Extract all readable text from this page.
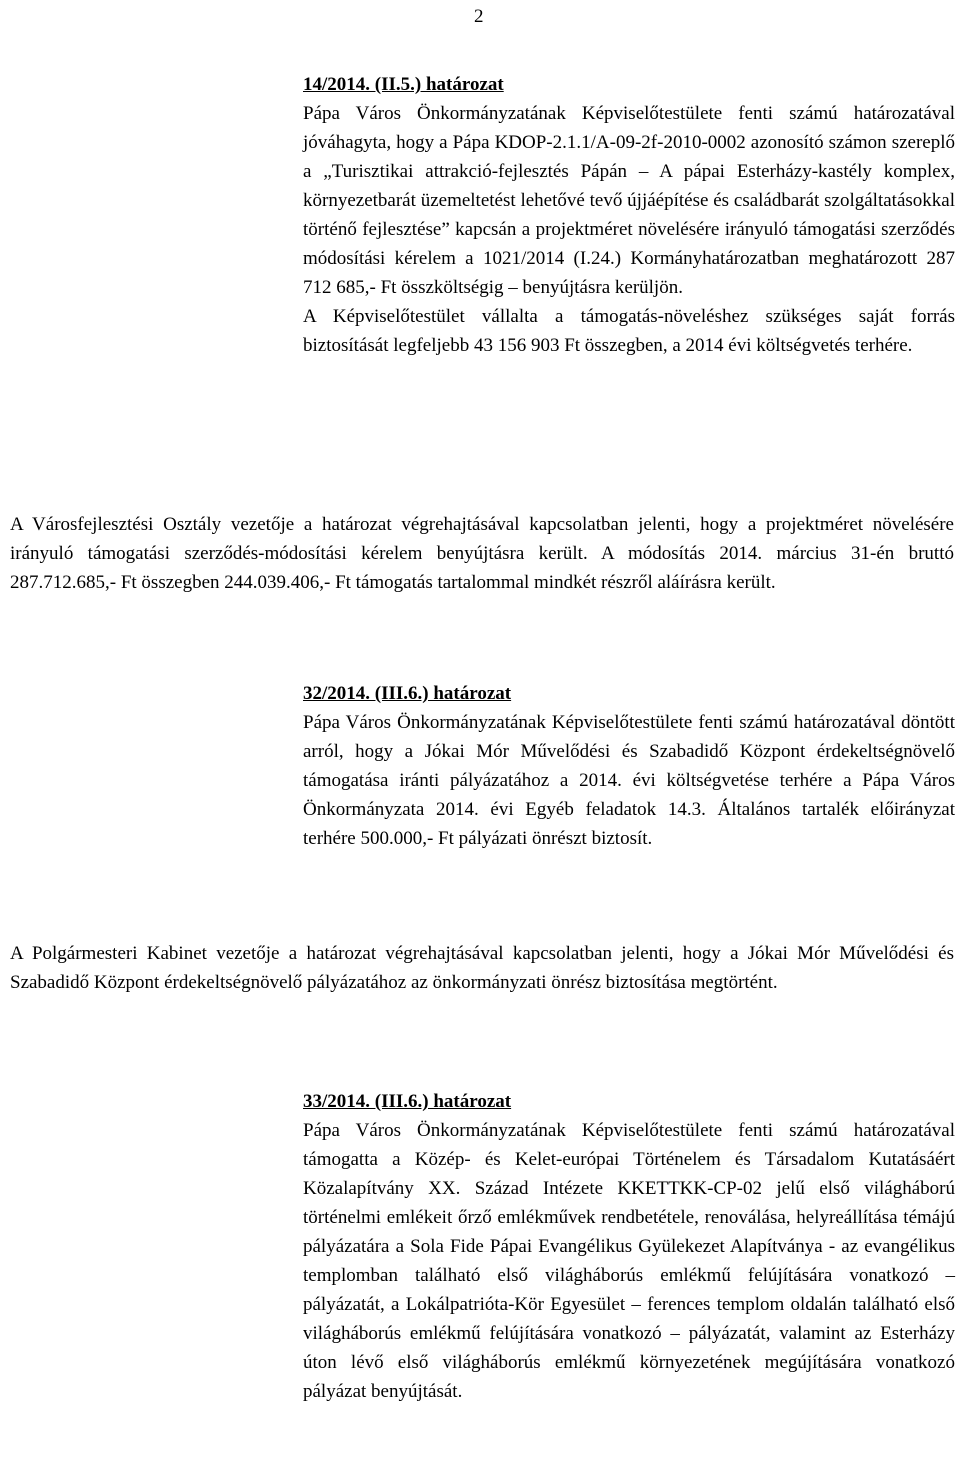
2
14/2014. (II.5.) határozat

Pápa Város Önkormányzatának Képviselőtestülete fenti számú határozatával jóváhagyta, hogy a Pápa KDOP-2.1.1/A-09-2f-2010-0002 azonosító számon szereplő a „Turisztikai attrakció-fejlesztés Pápán – A pápai Esterházy-kastély komplex, környezetbarát üzemeltetést lehetővé tevő újjáépítése és családbarát szolgáltatásokkal történő fejlesztése” kapcsán a projektméret növelésére irányuló támogatási szerződés módosítási kérelem a 1021/2014 (I.24.) Kormányhatározatban meghatározott 287 712 685,- Ft összköltségig – benyújtásra kerüljön.

A Képviselőtestület vállalta a támogatás-növeléshez szükséges saját forrás biztosítását legfeljebb 43 156 903 Ft összegben, a 2014 évi költségvetés terhére.

A Városfejlesztési Osztály vezetője a határozat végrehajtásával kapcsolatban jelenti, hogy a projektméret növelésére irányuló támogatási szerződés-módosítási kérelem benyújtásra került. A módosítás 2014. március 31-én bruttó 287.712.685,- Ft összegben 244.039.406,- Ft támogatás tartalommal mindkét részről aláírásra került.

32/2014. (III.6.) határozat

Pápa Város Önkormányzatának Képviselőtestülete fenti számú határozatával döntött arról, hogy a Jókai Mór Művelődési és Szabadidő Központ érdekeltségnövelő támogatása iránti pályázatához a 2014. évi költségvetése terhére a Pápa Város Önkormányzata 2014. évi Egyéb feladatok 14.3. Általános tartalék előirányzat terhére 500.000,- Ft pályázati önrészt biztosít.

A Polgármesteri Kabinet vezetője a határozat végrehajtásával kapcsolatban jelenti, hogy a Jókai Mór Művelődési és Szabadidő Központ érdekeltségnövelő pályázatához az önkormányzati önrész biztosítása megtörtént.

33/2014. (III.6.) határozat

Pápa Város Önkormányzatának Képviselőtestülete fenti számú határozatával támogatta a Közép- és Kelet-európai Történelem és Társadalom Kutatásáért Közalapítvány XX. Század Intézete KKETTKK-CP-02 jelű első világháború történelmi emlékeit őrző emlékművek rendbetétele, renoválása, helyreállítása témájú pályázatára a Sola Fide Pápai Evangélikus Gyülekezet Alapítványa - az evangélikus templomban található első világháborús emlékmű felújítására vonatkozó – pályázatát, a Lokálpatrióta-Kör Egyesület – ferences templom oldalán található első világháborús emlékmű felújítására vonatkozó – pályázatát, valamint az Esterházy úton lévő első világháborús emlékmű környezetének megújítására vonatkozó pályázat benyújtását.
